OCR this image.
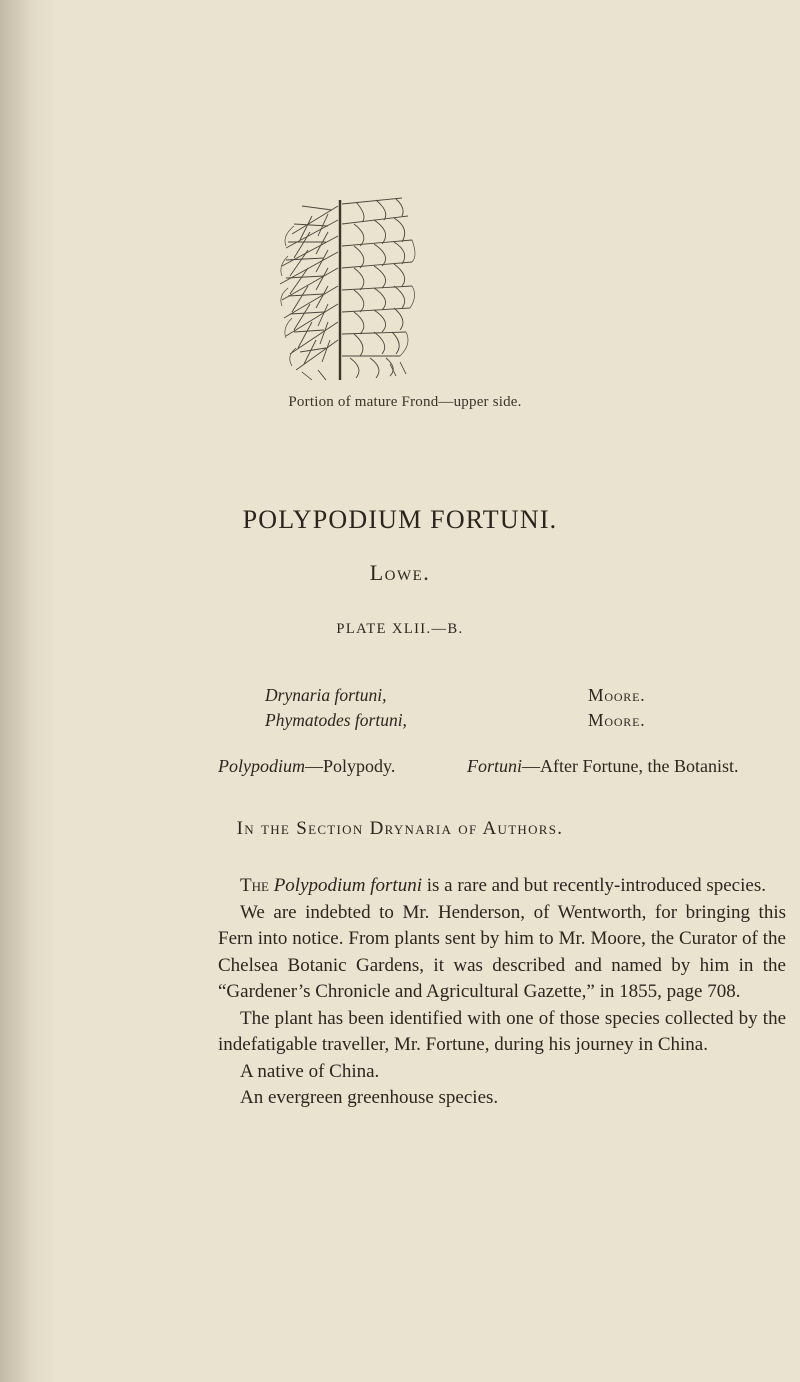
Portion of mature Frond—upper side.
POLYPODIUM FORTUNI.
Lowe.
PLATE XLII.—B.
Drynaria fortuni,	Moore.
Phymatodes fortuni,	Moore.
Polypodium—Polypody.	Fortuni—After Fortune, the Botanist.
In the Section Drynaria of Authors.

The Polypodium fortuni is a rare and but recently-introduced species.

We are indebted to Mr. Henderson, of Wentworth, for bringing this Fern into notice. From plants sent by him to Mr. Moore, the Curator of the Chelsea Botanic Gardens, it was described and named by him in the “Gardener’s Chronicle and Agricultural Gazette,” in 1855, page 708.

The plant has been identified with one of those species collected by the indefatigable traveller, Mr. Fortune, during his journey in China.

A native of China.

An evergreen greenhouse species.
